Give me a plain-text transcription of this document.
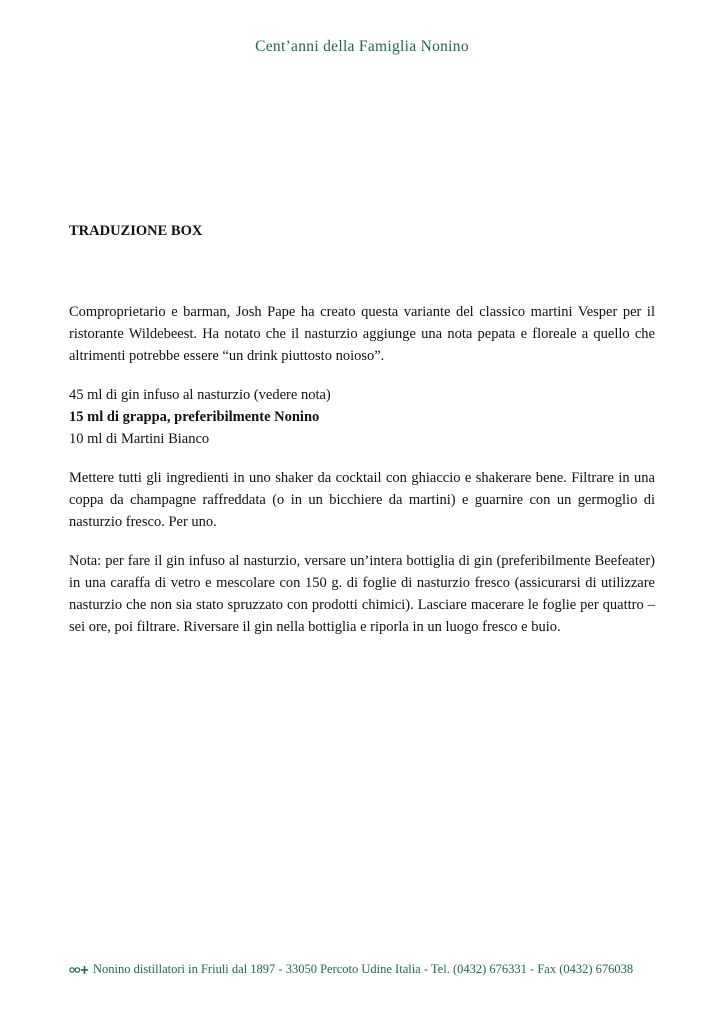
Cent’anni della Famiglia Nonino
TRADUZIONE BOX

Comproprietario e barman, Josh Pape ha creato questa variante del classico martini Vesper per il ristorante Wildebeest. Ha notato che il nasturzio aggiunge una nota pepata e floreale a quello che altrimenti potrebbe essere “un drink piuttosto noioso”.

45 ml di gin infuso al nasturzio (vedere nota)
15 ml di grappa, preferibilmente Nonino
10 ml di Martini Bianco

Mettere tutti gli ingredienti in uno shaker da cocktail con ghiaccio e shakerare bene. Filtrare in una coppa da champagne raffreddata (o in un bicchiere da martini) e guarnire con un germoglio di nasturzio fresco. Per uno.

Nota: per fare il gin infuso al nasturzio, versare un’intera bottiglia di gin (preferibilmente Beefeater) in una caraffa di vetro e mescolare con 150 g. di foglie di nasturzio fresco (assicurarsi di utilizzare nasturzio che non sia stato spruzzato con prodotti chimici). Lasciare macerare le foglie per quattro – sei ore, poi filtrare. Riversare il gin nella bottiglia e riporla in un luogo fresco e buio.

Nonino distillatori in Friuli dal 1897 - 33050 Percoto Udine Italia - Tel. (0432) 676331 - Fax (0432) 676038
